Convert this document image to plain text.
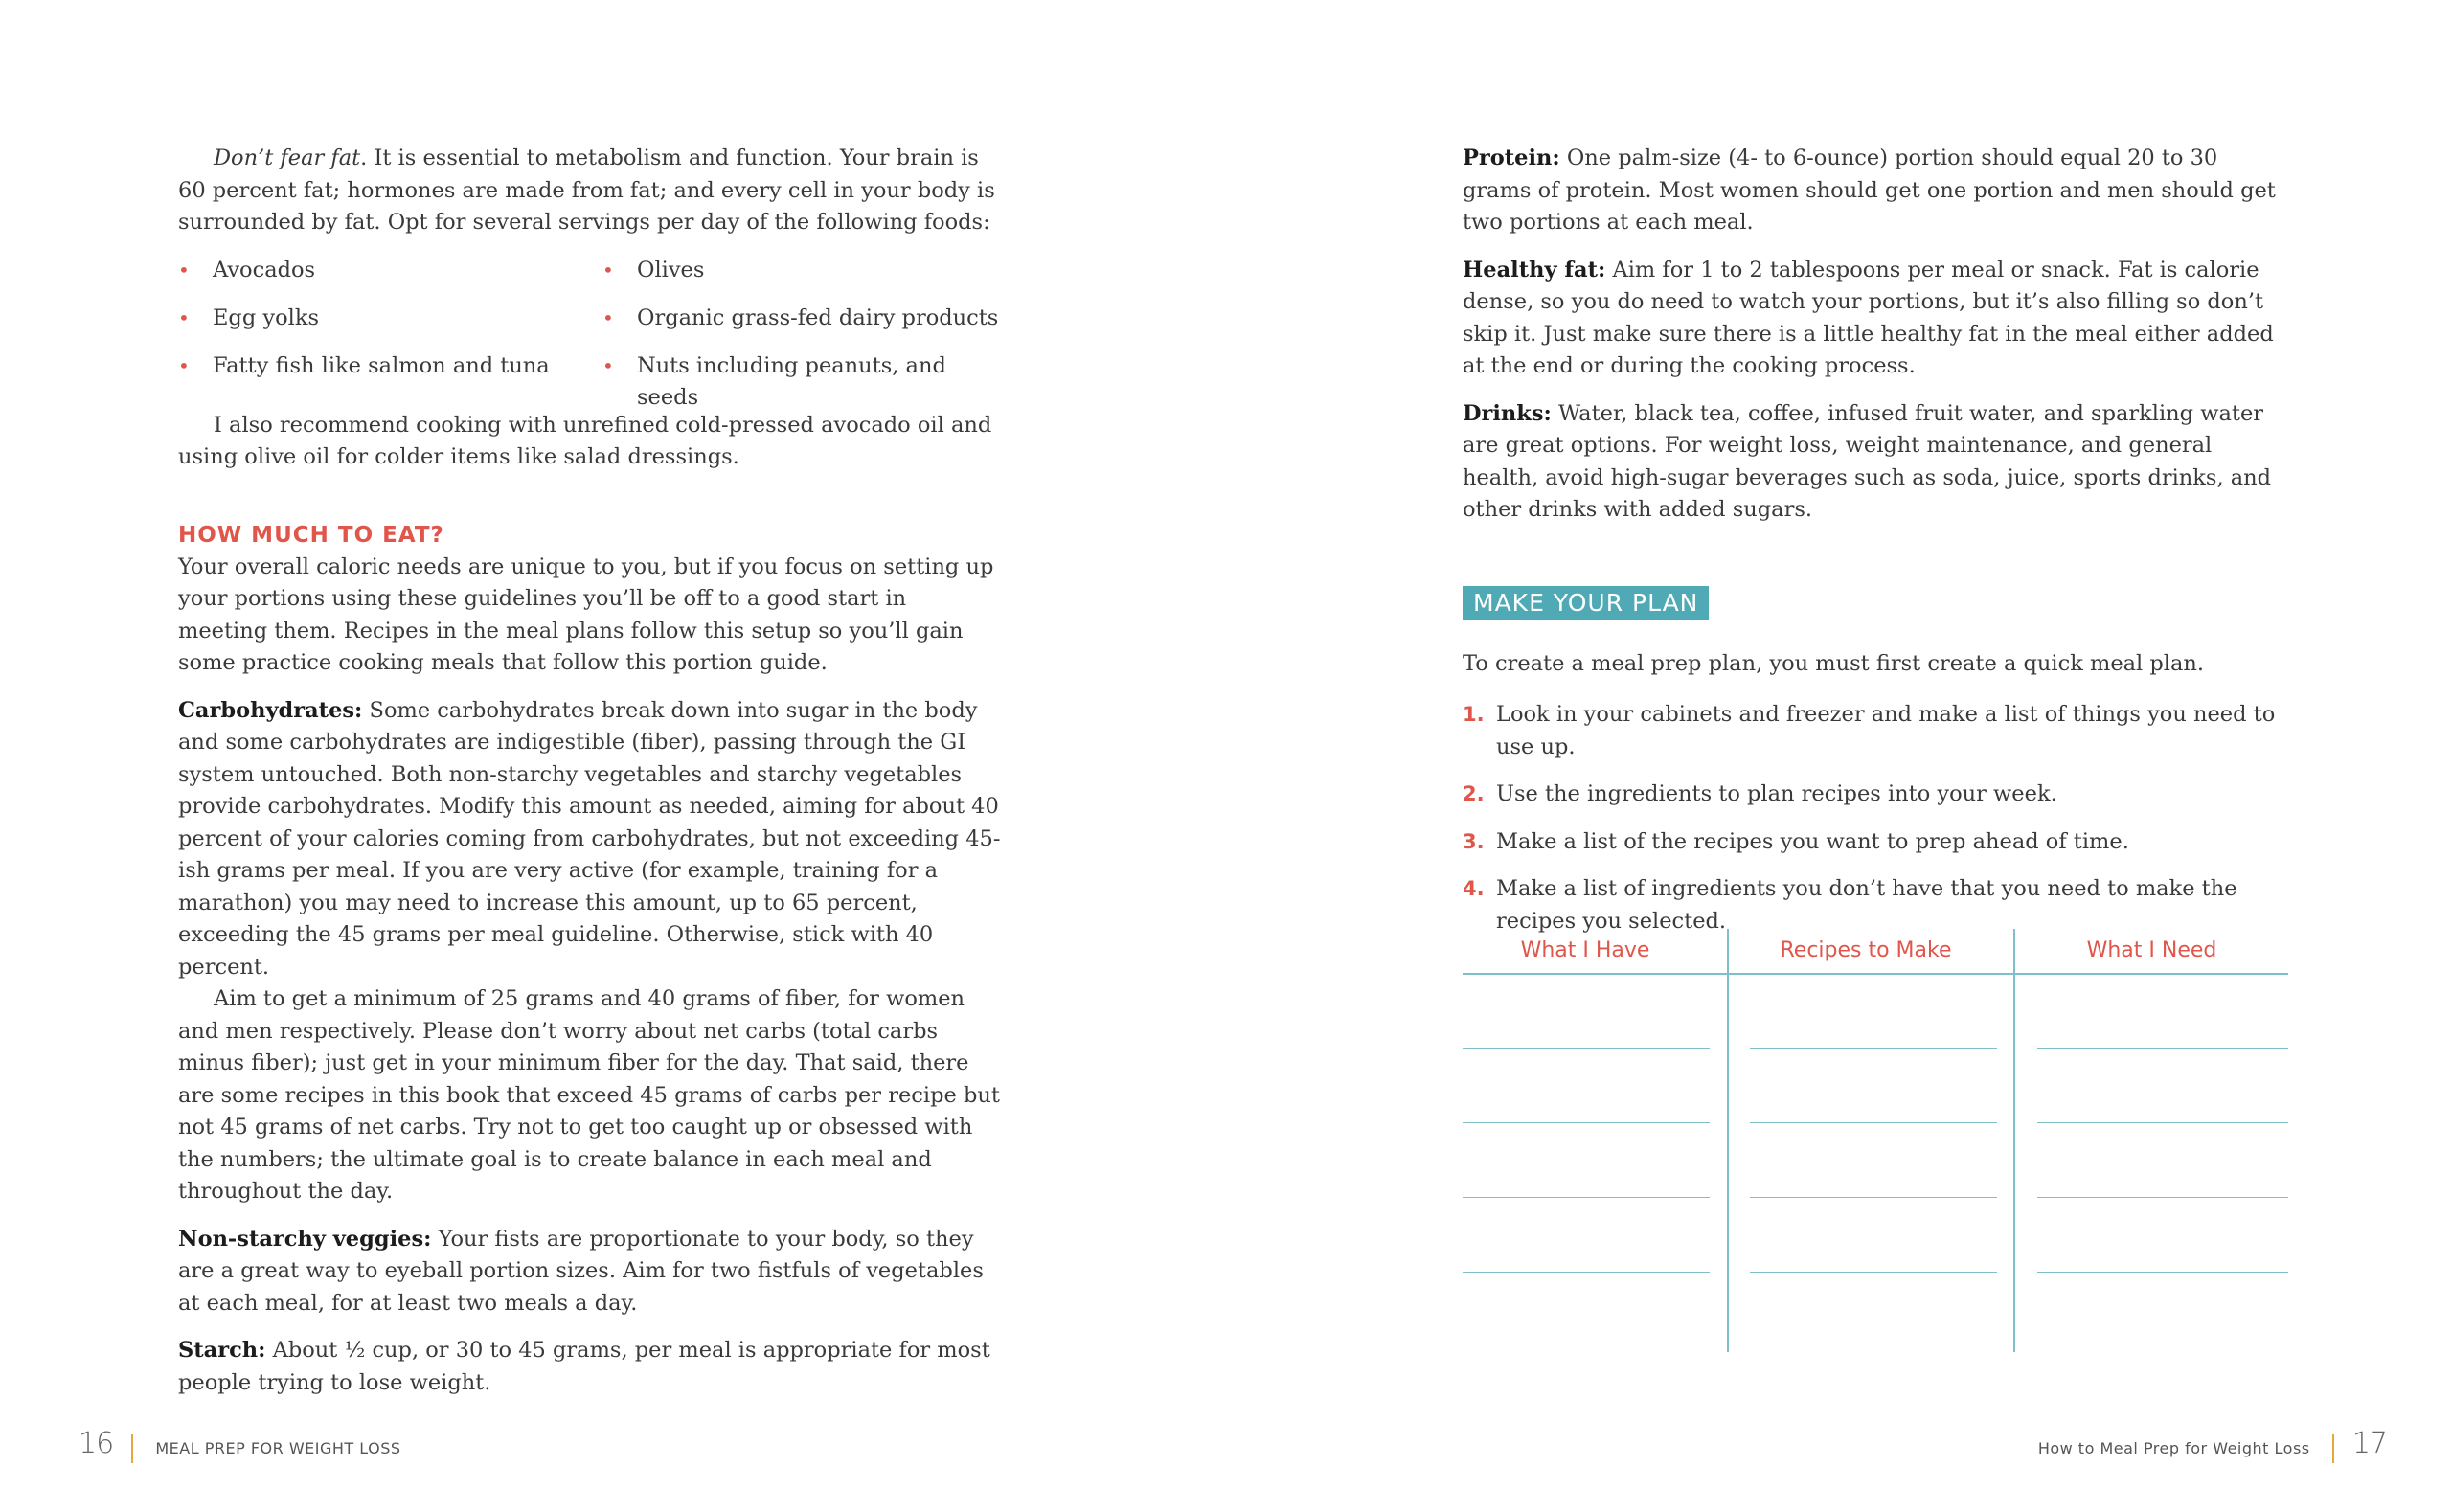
Don’t fear fat. It is essential to metabolism and function. Your brain is 60 percent fat; hormones are made from fat; and every cell in your body is surrounded by fat. Opt for several servings per day of the following foods:

• Avocados
• Egg yolks
• Fatty fish like salmon and tuna
• Olives
• Organic grass-fed dairy products
• Nuts including peanuts, and seeds

I also recommend cooking with unrefined cold-pressed avocado oil and using olive oil for colder items like salad dressings.

HOW MUCH TO EAT?

Your overall caloric needs are unique to you, but if you focus on setting up your portions using these guidelines you’ll be off to a good start in meeting them. Recipes in the meal plans follow this setup so you’ll gain some practice cooking meals that follow this portion guide.

Carbohydrates: Some carbohydrates break down into sugar in the body and some carbohydrates are indigestible (fiber), passing through the GI system untouched. Both non-starchy vegetables and starchy vegetables provide carbohydrates. Modify this amount as needed, aiming for about 40 percent of your calories coming from carbohydrates, but not exceeding 45-ish grams per meal. If you are very active (for example, training for a marathon) you may need to increase this amount, up to 65 percent, exceeding the 45 grams per meal guideline. Otherwise, stick with 40 percent.

Aim to get a minimum of 25 grams and 40 grams of fiber, for women and men respectively. Please don’t worry about net carbs (total carbs minus fiber); just get in your minimum fiber for the day. That said, there are some recipes in this book that exceed 45 grams of carbs per recipe but not 45 grams of net carbs. Try not to get too caught up or obsessed with the numbers; the ultimate goal is to create balance in each meal and throughout the day.

Non-starchy veggies: Your fists are proportionate to your body, so they are a great way to eyeball portion sizes. Aim for two fistfuls of vegetables at each meal, for at least two meals a day.

Starch: About ½ cup, or 30 to 45 grams, per meal is appropriate for most people trying to lose weight.

Protein: One palm-size (4- to 6-ounce) portion should equal 20 to 30 grams of protein. Most women should get one portion and men should get two portions at each meal.

Healthy fat: Aim for 1 to 2 tablespoons per meal or snack. Fat is calorie dense, so you do need to watch your portions, but it’s also filling so don’t skip it. Just make sure there is a little healthy fat in the meal either added at the end or during the cooking process.

Drinks: Water, black tea, coffee, infused fruit water, and sparkling water are great options. For weight loss, weight maintenance, and general health, avoid high-sugar beverages such as soda, juice, sports drinks, and other drinks with added sugars.

MAKE YOUR PLAN

To create a meal prep plan, you must first create a quick meal plan.

1. Look in your cabinets and freezer and make a list of things you need to use up.
2. Use the ingredients to plan recipes into your week.
3. Make a list of the recipes you want to prep ahead of time.
4. Make a list of ingredients you don’t have that you need to make the recipes you selected.
What I Have	Recipes to Make	What I Need
16	MEAL PREP FOR WEIGHT LOSS	How to Meal Prep for Weight Loss 17
